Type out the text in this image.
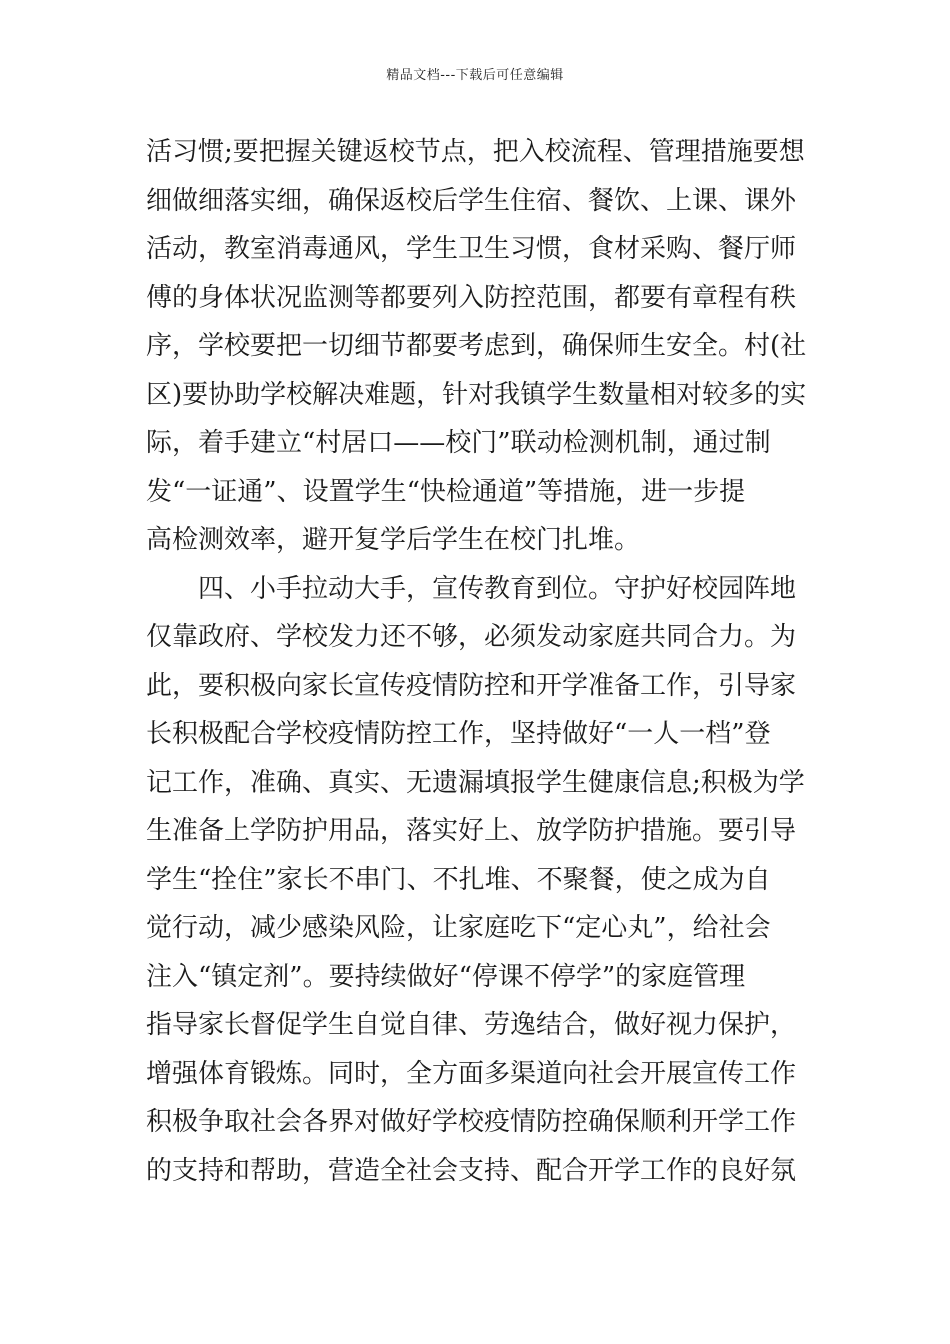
精品文档---下载后可任意编辑
活习惯;要把握关键返校节点，把入校流程、管理措施要想
细做细落实细，确保返校后学生住宿、餐饮、上课、课外
活动，教室消毒通风，学生卫生习惯，食材采购、餐厅师
傅的身体状况监测等都要列入防控范围，都要有章程有秩
序，学校要把一切细节都要考虑到，确保师生安全。村(社
区)要协助学校解决难题，针对我镇学生数量相对较多的实
际，着手建立“村居口——校门”联动检测机制，通过制
发“一证通”、设置学生“快检通道”等措施，进一步提
高检测效率，避开复学后学生在校门扎堆。
四、小手拉动大手，宣传教育到位。守护好校园阵地
仅靠政府、学校发力还不够，必须发动家庭共同合力。为
此，要积极向家长宣传疫情防控和开学准备工作，引导家
长积极配合学校疫情防控工作，坚持做好“一人一档”登
记工作，准确、真实、无遗漏填报学生健康信息;积极为学
生准备上学防护用品，落实好上、放学防护措施。要引导
学生“拴住”家长不串门、不扎堆、不聚餐，使之成为自
觉行动，减少感染风险，让家庭吃下“定心丸”，给社会
注入“镇定剂”。要持续做好“停课不停学”的家庭管理
指导家长督促学生自觉自律、劳逸结合，做好视力保护，
增强体育锻炼。同时，全方面多渠道向社会开展宣传工作
积极争取社会各界对做好学校疫情防控确保顺利开学工作
的支持和帮助，营造全社会支持、配合开学工作的良好氛
